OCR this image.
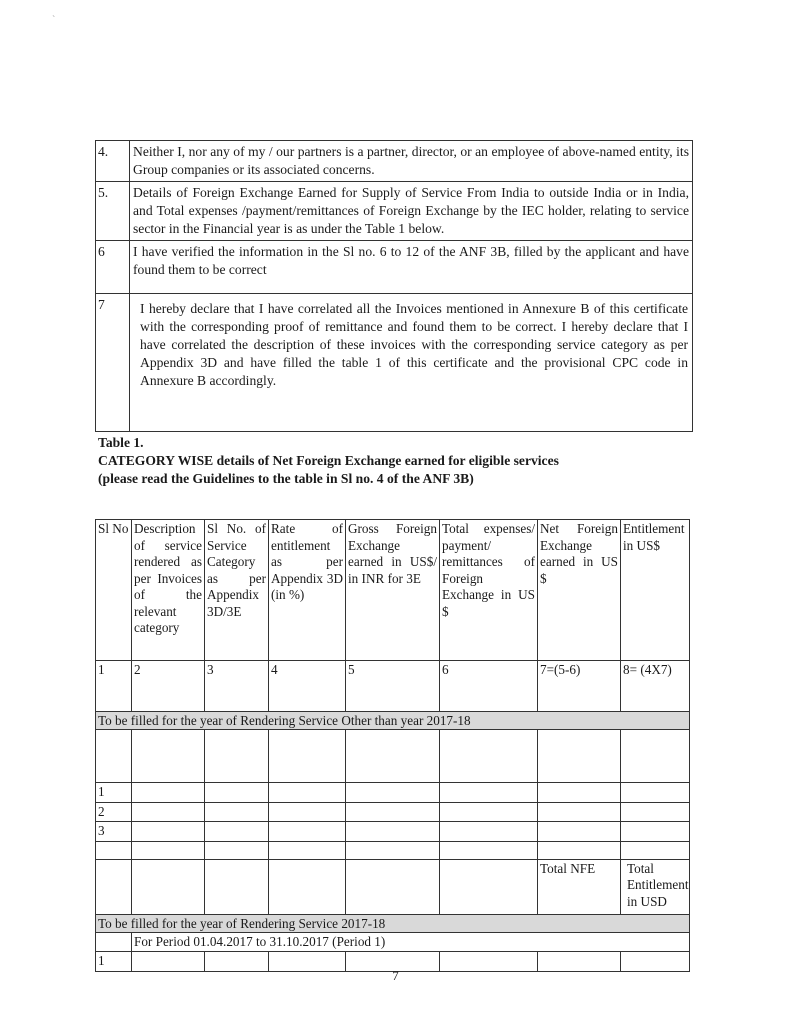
ˋ
4.	Neither I, nor any of my / our partners is a partner, director, or an employee of above-named entity, its Group companies or its associated concerns.
5.	Details of Foreign Exchange Earned for Supply of Service From India to outside India or in India, and Total expenses /payment/remittances of Foreign Exchange by the IEC holder, relating to service sector in the Financial year is as under the Table 1 below.
6	I have verified the information in the Sl no. 6 to 12 of the ANF 3B, filled by the applicant and have found them to be correct
7	I hereby declare that I have correlated all the Invoices mentioned in Annexure B of this certificate with the corresponding proof of remittance and found them to be correct. I hereby declare that I have correlated the description of these invoices with the corresponding service category as per Appendix 3D and have filled the table 1 of this certificate and the provisional CPC code in Annexure B accordingly.
Table 1.
CATEGORY WISE details of Net Foreign Exchange earned for eligible services
(please read the Guidelines to the table in Sl no. 4 of the ANF 3B)
Sl No	Description of service rendered as per Invoices of the relevant category	Sl No. of Service Category as per Appendix 3D/3E	Rate of entitlement as per Appendix 3D (in %)	Gross Foreign Exchange earned in US$/ in INR for 3E	Total expenses/ payment/ remittances of Foreign Exchange in US $	Net Foreign Exchange earned in US $	Entitlement in US$
1	2	3	4	5	6	7=(5-6)	8= (4X7)
To be filled for the year of Rendering Service Other than year 2017-18							

1							
2							
3							

						Total NFE	Total Entitlement in USD
To be filled for the year of Rendering Service 2017-18							
	For Period 01.04.2017 to 31.10.2017 (Period 1)						
1							
7
